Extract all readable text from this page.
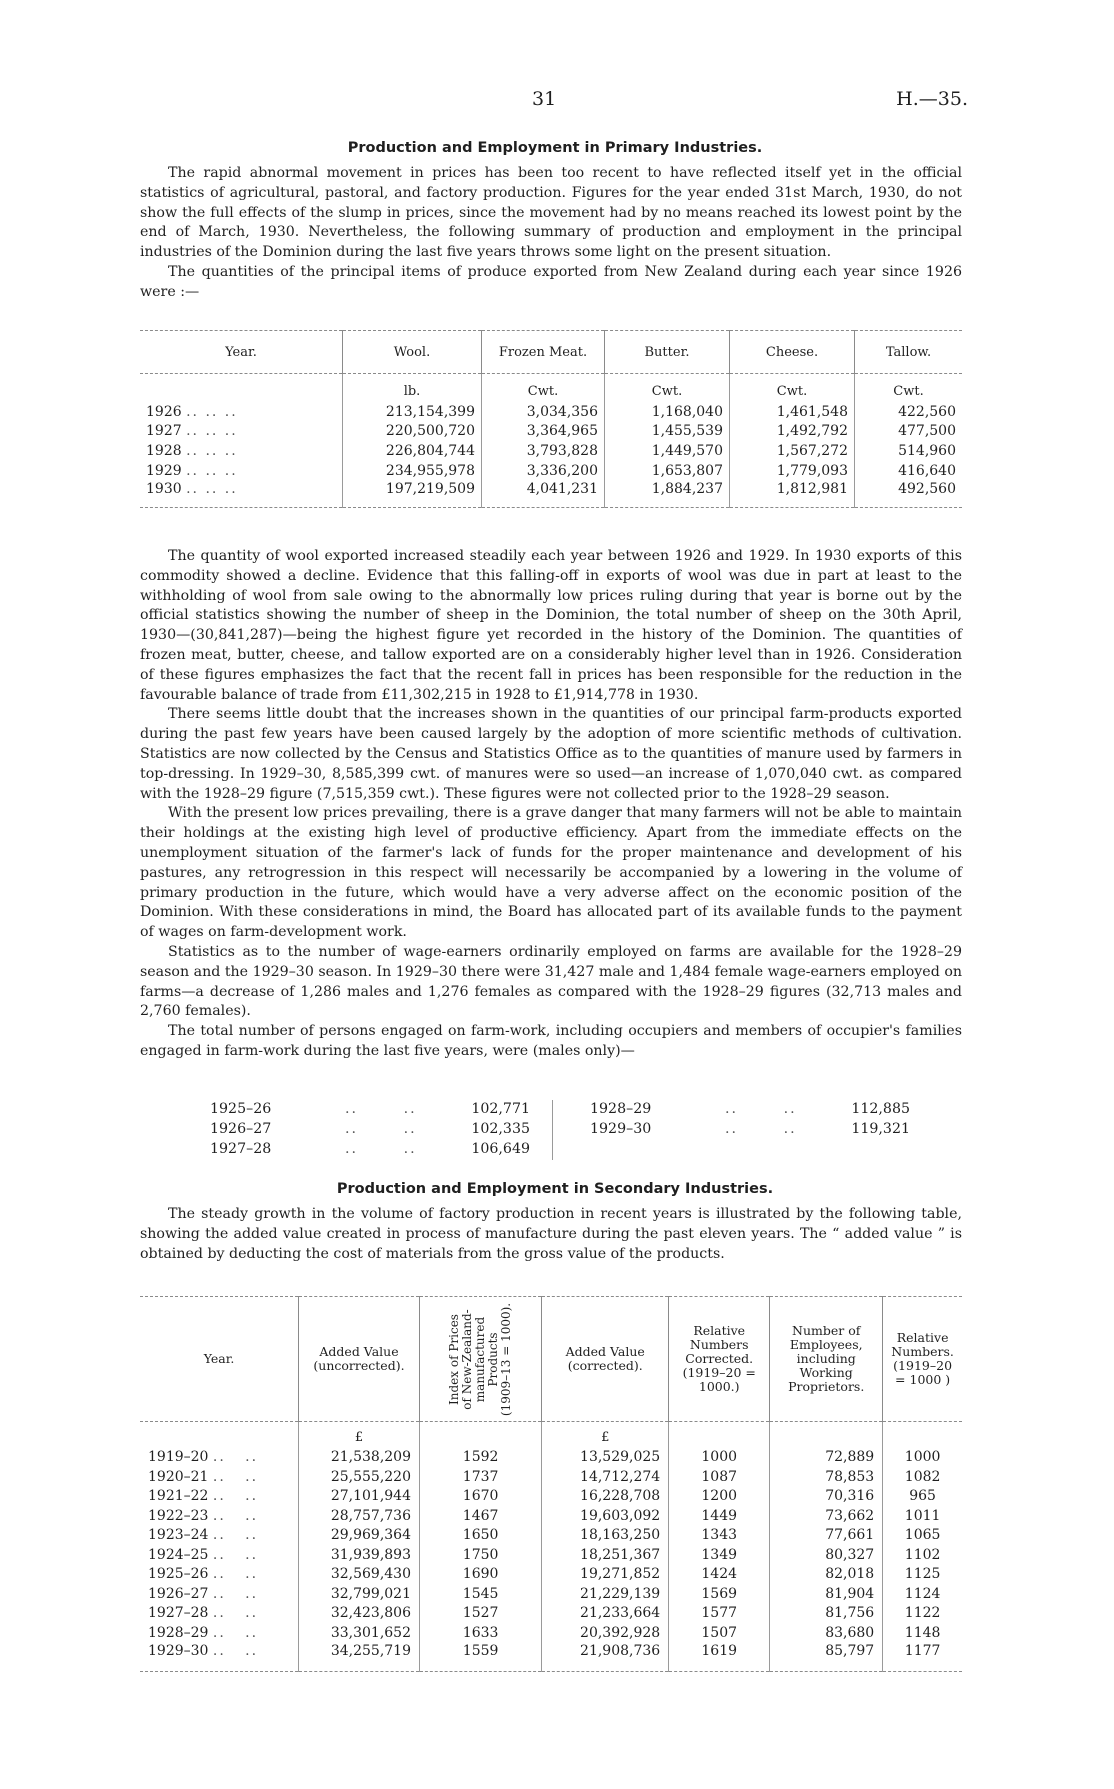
31	H.—35.
Production and Employment in Primary Industries.

The rapid abnormal movement in prices has been too recent to have reflected itself yet in the official statistics of agricultural, pastoral, and factory production. Figures for the year ended 31st March, 1930, do not show the full effects of the slump in prices, since the movement had by no means reached its lowest point by the end of March, 1930. Nevertheless, the following summary of production and employment in the principal industries of the Dominion during the last five years throws some light on the present situation.

The quantities of the principal items of produce exported from New Zealand during each year since 1926 were :—

Year.	Wool.	Frozen Meat.	Butter.	Cheese.	Tallow.

	lb.	Cwt.	Cwt.	Cwt.	Cwt.
1926 .. .. ..	213,154,399	3,034,356	1,168,040	1,461,548	422,560
1927 .. .. ..	220,500,720	3,364,965	1,455,539	1,492,792	477,500
1928 .. .. ..	226,804,744	3,793,828	1,449,570	1,567,272	514,960
1929 .. .. ..	234,955,978	3,336,200	1,653,807	1,779,093	416,640
1930 .. .. ..	197,219,509	4,041,231	1,884,237	1,812,981	492,560

The quantity of wool exported increased steadily each year between 1926 and 1929. In 1930 exports of this commodity showed a decline. Evidence that this falling-off in exports of wool was due in part at least to the withholding of wool from sale owing to the abnormally low prices ruling during that year is borne out by the official statistics showing the number of sheep in the Dominion, the total number of sheep on the 30th April, 1930—(30,841,287)—being the highest figure yet recorded in the history of the Dominion. The quantities of frozen meat, butter, cheese, and tallow exported are on a considerably higher level than in 1926. Consideration of these figures emphasizes the fact that the recent fall in prices has been responsible for the reduction in the favourable balance of trade from £11,302,215 in 1928 to £1,914,778 in 1930.

There seems little doubt that the increases shown in the quantities of our principal farm-products exported during the past few years have been caused largely by the adoption of more scientific methods of cultivation. Statistics are now collected by the Census and Statistics Office as to the quantities of manure used by farmers in top-dressing. In 1929–30, 8,585,399 cwt. of manures were so used—an increase of 1,070,040 cwt. as compared with the 1928–29 figure (7,515,359 cwt.). These figures were not collected prior to the 1928–29 season.

With the present low prices prevailing, there is a grave danger that many farmers will not be able to maintain their holdings at the existing high level of productive efficiency. Apart from the immediate effects on the unemployment situation of the farmer's lack of funds for the proper maintenance and development of his pastures, any retrogression in this respect will necessarily be accompanied by a lowering in the volume of primary production in the future, which would have a very adverse affect on the economic position of the Dominion. With these considerations in mind, the Board has allocated part of its available funds to the payment of wages on farm-development work.

Statistics as to the number of wage-earners ordinarily employed on farms are available for the 1928–29 season and the 1929–30 season. In 1929–30 there were 31,427 male and 1,484 female wage-earners employed on farms—a decrease of 1,286 males and 1,276 females as compared with the 1928–29 figures (32,713 males and 2,760 females).

The total number of persons engaged on farm-work, including occupiers and members of occupier's families engaged in farm-work during the last five years, were (males only)—

1925–26	..       ..	102,771
1926–27	..       ..	102,335
1927–28	..       ..	106,649
1928–29	..       ..	112,885
1929–30	..       ..	119,321
Production and Employment in Secondary Industries.

The steady growth in the volume of factory production in recent years is illustrated by the following table, showing the added value created in process of manufacture during the past eleven years. The “ added value ” is obtained by deducting the cost of materials from the gross value of the products.

Year.	Added Value (uncorrected).	Index of Prices
of New-Zealand-
manufactured
Products
(1909–13 = 1000).	Added Value (corrected).	Relative Numbers Corrected. (1919–20 = 1000.)	Number of Employees, including Working Proprietors.	Relative Numbers. (1919–20 = 1000 )

	£		£			
1919–20 ..   ..	21,538,209	1592	13,529,025	1000	72,889	1000
1920–21 ..   ..	25,555,220	1737	14,712,274	1087	78,853	1082
1921–22 ..   ..	27,101,944	1670	16,228,708	1200	70,316	965
1922–23 ..   ..	28,757,736	1467	19,603,092	1449	73,662	1011
1923–24 ..   ..	29,969,364	1650	18,163,250	1343	77,661	1065
1924–25 ..   ..	31,939,893	1750	18,251,367	1349	80,327	1102
1925–26 ..   ..	32,569,430	1690	19,271,852	1424	82,018	1125
1926–27 ..   ..	32,799,021	1545	21,229,139	1569	81,904	1124
1927–28 ..   ..	32,423,806	1527	21,233,664	1577	81,756	1122
1928–29 ..   ..	33,301,652	1633	20,392,928	1507	83,680	1148
1929–30 ..   ..	34,255,719	1559	21,908,736	1619	85,797	1177
